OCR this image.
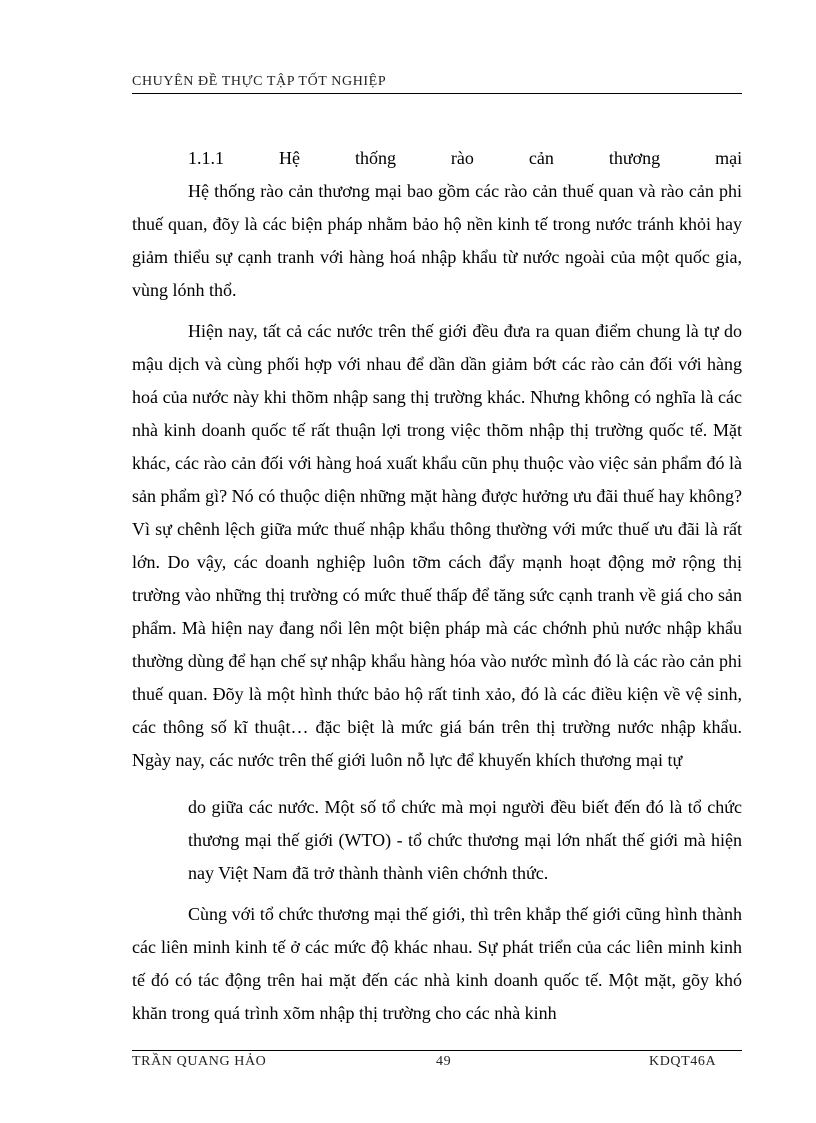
CHUYÊN ĐỀ THỰC TẬP TỐT NGHIỆP

1.1.1	Hệ	thống	rào	cản	thương	mại

Hệ thống rào cản thương mại bao gồm các rào cản thuế quan và rào cản phi thuế quan, đõy là các biện pháp nhằm bảo hộ nền kinh tế trong nước tránh khỏi hay giảm thiểu sự cạnh tranh với hàng hoá nhập khẩu từ nước ngoài của một quốc gia, vùng lónh thổ.

Hiện nay, tất cả các nước trên thế giới đều đưa ra quan điểm chung là tự do mậu dịch và cùng phối hợp với nhau để dần dần giảm bớt các rào cản đối với hàng hoá của nước này khi thõm nhập sang thị trường khác. Nhưng không có nghĩa là các nhà kinh doanh quốc tế rất thuận lợi trong việc thõm nhập thị trường quốc tế. Mặt khác, các rào cản đối với hàng hoá xuất khẩu cũn phụ thuộc vào việc sản phẩm đó là sản phẩm gì? Nó có thuộc diện những mặt hàng được hưởng ưu đãi thuế hay không? Vì sự chênh lệch giữa mức thuế nhập khẩu thông thường với mức thuế ưu đãi là rất lớn. Do vậy, các doanh nghiệp luôn tỡm cách đẩy mạnh hoạt động mở rộng thị trường vào những thị trường có mức thuế thấp để tăng sức cạnh tranh về giá cho sản phẩm. Mà hiện nay đang nổi lên một biện pháp mà các chớnh phủ nước nhập khẩu thường dùng để hạn chế sự nhập khẩu hàng hóa vào nước mình đó là các rào cản phi thuế quan. Đõy là một hình thức bảo hộ rất tinh xảo, đó là các điều kiện về vệ sinh, các thông số kĩ thuật… đặc biệt là mức giá bán trên thị trường nước nhập khẩu. Ngày nay, các nước trên thế giới luôn nỗ lực để khuyến khích thương mại tự

do giữa các nước. Một số tổ chức mà mọi người đều biết đến đó là tổ chức thương mại thế giới (WTO) - tổ chức thương mại lớn nhất thế giới mà hiện nay Việt Nam đã trở thành thành viên chớnh thức.

Cùng với tổ chức thương mại thế giới, thì trên khắp thế giới cũng hình thành các liên minh kinh tế ở các mức độ khác nhau. Sự phát triển của các liên minh kinh tế đó có tác động trên hai mặt đến các nhà kinh doanh quốc tế. Một mặt, gõy khó khăn trong quá trình xõm nhập thị trường cho các nhà kinh

TRẦN QUANG HẢO	49	KDQT46A
